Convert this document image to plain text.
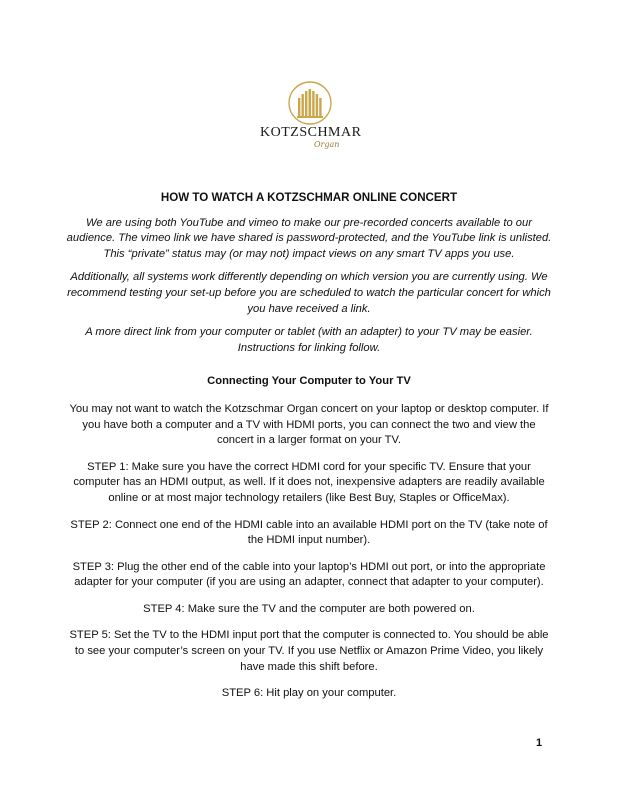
KOTZSCHMAR
Organ
HOW TO WATCH A KOTZSCHMAR ONLINE CONCERT
We are using both YouTube and vimeo to make our pre-recorded concerts available to our audience. The vimeo link we have shared is password-protected, and the YouTube link is unlisted. This “private” status may (or may not) impact views on any smart TV apps you use.
Additionally, all systems work differently depending on which version you are currently using. We recommend testing your set-up before you are scheduled to watch the particular concert for which you have received a link.
A more direct link from your computer or tablet (with an adapter) to your TV may be easier. Instructions for linking follow.
Connecting Your Computer to Your TV
You may not want to watch the Kotzschmar Organ concert on your laptop or desktop computer. If you have both a computer and a TV with HDMI ports, you can connect the two and view the concert in a larger format on your TV.
STEP 1: Make sure you have the correct HDMI cord for your specific TV. Ensure that your computer has an HDMI output, as well. If it does not, inexpensive adapters are readily available online or at most major technology retailers (like Best Buy, Staples or OfficeMax).
STEP 2: Connect one end of the HDMI cable into an available HDMI port on the TV (take note of the HDMI input number).
STEP 3: Plug the other end of the cable into your laptop’s HDMI out port, or into the appropriate adapter for your computer (if you are using an adapter, connect that adapter to your computer).
STEP 4: Make sure the TV and the computer are both powered on.
STEP 5: Set the TV to the HDMI input port that the computer is connected to. You should be able to see your computer’s screen on your TV. If you use Netflix or Amazon Prime Video, you likely have made this shift before.
STEP 6: Hit play on your computer.
1
